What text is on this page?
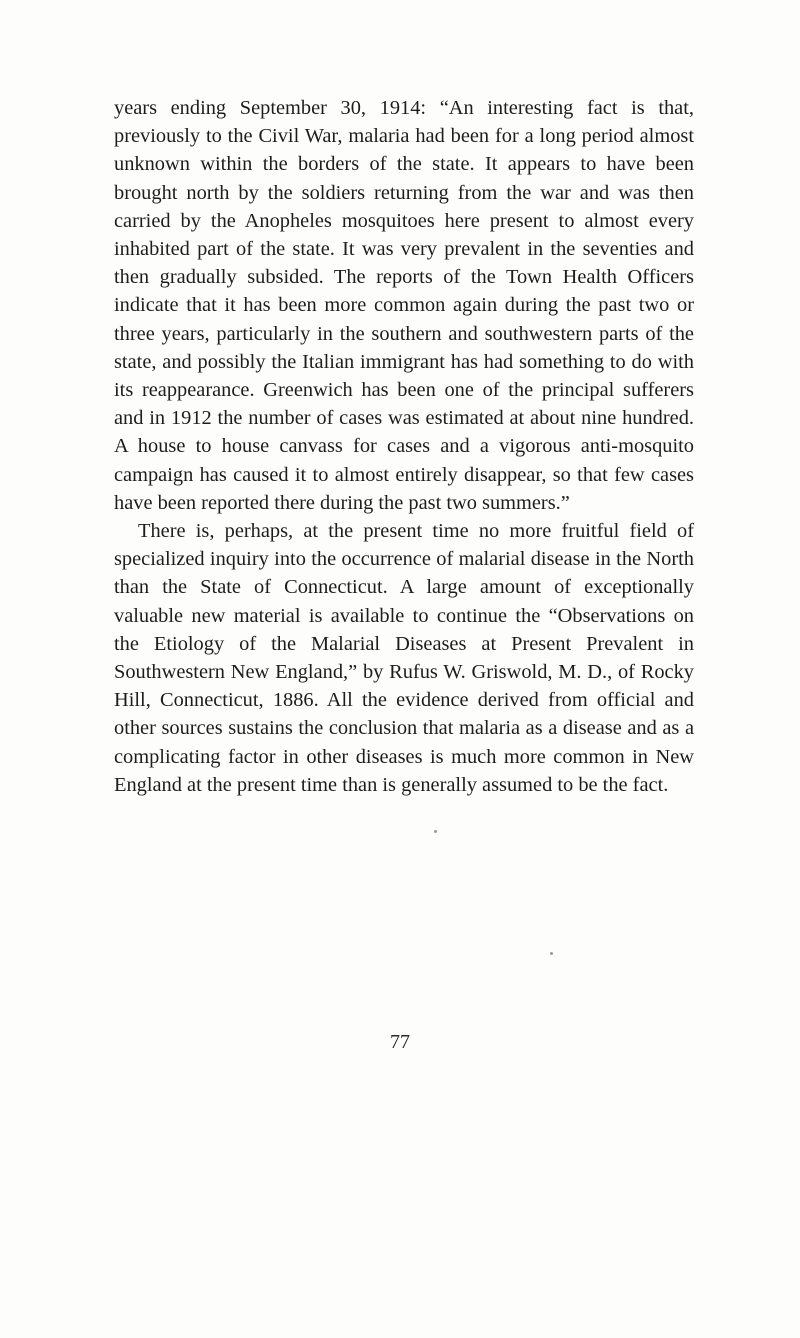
years ending September 30, 1914: “An interesting fact is that, previously to the Civil War, malaria had been for a long period almost unknown within the borders of the state. It appears to have been brought north by the soldiers returning from the war and was then carried by the Anopheles mosquitoes here present to almost every inhabited part of the state. It was very prevalent in the seventies and then gradually subsided. The reports of the Town Health Officers indicate that it has been more common again during the past two or three years, particularly in the southern and southwestern parts of the state, and possibly the Italian immigrant has had something to do with its reappearance. Greenwich has been one of the principal sufferers and in 1912 the number of cases was estimated at about nine hundred. A house to house canvass for cases and a vigorous anti-mosquito campaign has caused it to almost entirely disappear, so that few cases have been reported there during the past two summers.”

There is, perhaps, at the present time no more fruitful field of specialized inquiry into the occurrence of malarial disease in the North than the State of Connecticut. A large amount of exceptionally valuable new material is available to continue the “Observations on the Etiology of the Malarial Diseases at Present Prevalent in Southwestern New England,” by Rufus W. Griswold, M. D., of Rocky Hill, Connecticut, 1886. All the evidence derived from official and other sources sustains the conclusion that malaria as a disease and as a complicating factor in other diseases is much more common in New England at the present time than is generally assumed to be the fact.

77
